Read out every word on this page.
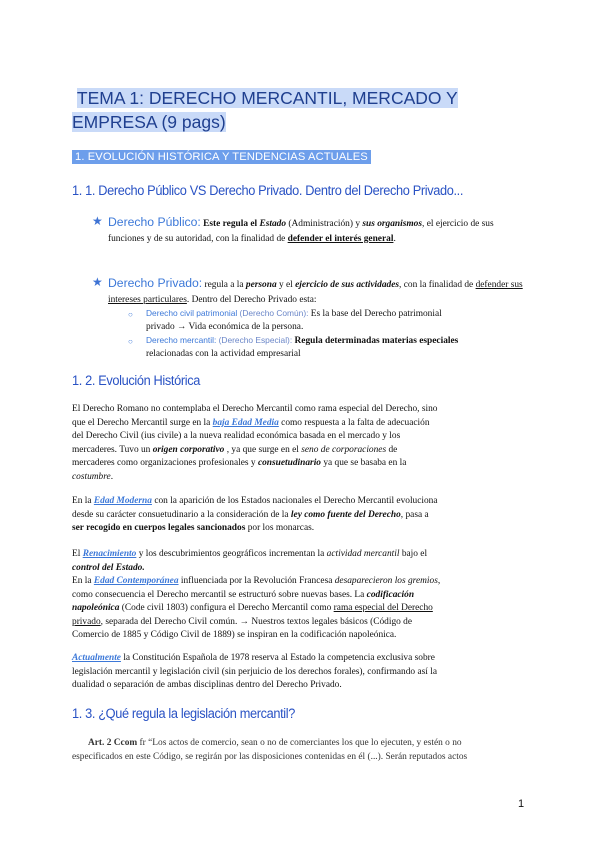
TEMA 1: DERECHO MERCANTIL, MERCADO Y
EMPRESA (9 pags)
1. EVOLUCIÓN HISTÓRICA Y TENDENCIAS ACTUALES
1. 1. Derecho Público VS Derecho Privado. Dentro del Derecho Privado...
★ Derecho Público: Este regula el Estado (Administración) y sus organismos, el ejercicio de sus funciones y de su autoridad, con la finalidad de defender el interés general.
★ Derecho Privado: regula a la persona y el ejercicio de sus actividades, con la finalidad de defender sus intereses particulares. Dentro del Derecho Privado esta:
○ Derecho civil patrimonial (Derecho Común): Es la base del Derecho patrimonial
privado → Vida económica de la persona.
○ Derecho mercantil: (Derecho Especial): Regula determinadas materias especiales
relacionadas con la actividad empresarial
1. 2. Evolución Histórica
El Derecho Romano no contemplaba el Derecho Mercantil como rama especial del Derecho, sino
que el Derecho Mercantil surge en la baja Edad Media como respuesta a la falta de adecuación
del Derecho Civil (ius civile) a la nueva realidad económica basada en el mercado y los
mercaderes. Tuvo un origen corporativo , ya que surge en el seno de corporaciones de
mercaderes como organizaciones profesionales y consuetudinario ya que se basaba en la
costumbre.
En la Edad Moderna con la aparición de los Estados nacionales el Derecho Mercantil evoluciona
desde su carácter consuetudinario a la consideración de la ley como fuente del Derecho, pasa a
ser recogido en cuerpos legales sancionados por los monarcas.
El Renacimiento y los descubrimientos geográficos incrementan la actividad mercantil bajo el
control del Estado.
En la Edad Contemporánea influenciada por la Revolución Francesa desaparecieron los gremios,
como consecuencia el Derecho mercantil se estructuró sobre nuevas bases. La codificación
napoleónica (Code civil 1803) configura el Derecho Mercantil como rama especial del Derecho
privado, separada del Derecho Civil común. → Nuestros textos legales básicos (Código de
Comercio de 1885 y Código Civil de 1889) se inspiran en la codificación napoleónica.
Actualmente la Constitución Española de 1978 reserva al Estado la competencia exclusiva sobre
legislación mercantil y legislación civil (sin perjuicio de los derechos forales), confirmando así la
dualidad o separación de ambas disciplinas dentro del Derecho Privado.
1. 3. ¿Qué regula la legislación mercantil?
Art. 2 Ccom fr “Los actos de comercio, sean o no de comerciantes los que lo ejecuten, y estén o no
especificados en este Código, se regirán por las disposiciones contenidas en él (...). Serán reputados actos
1
